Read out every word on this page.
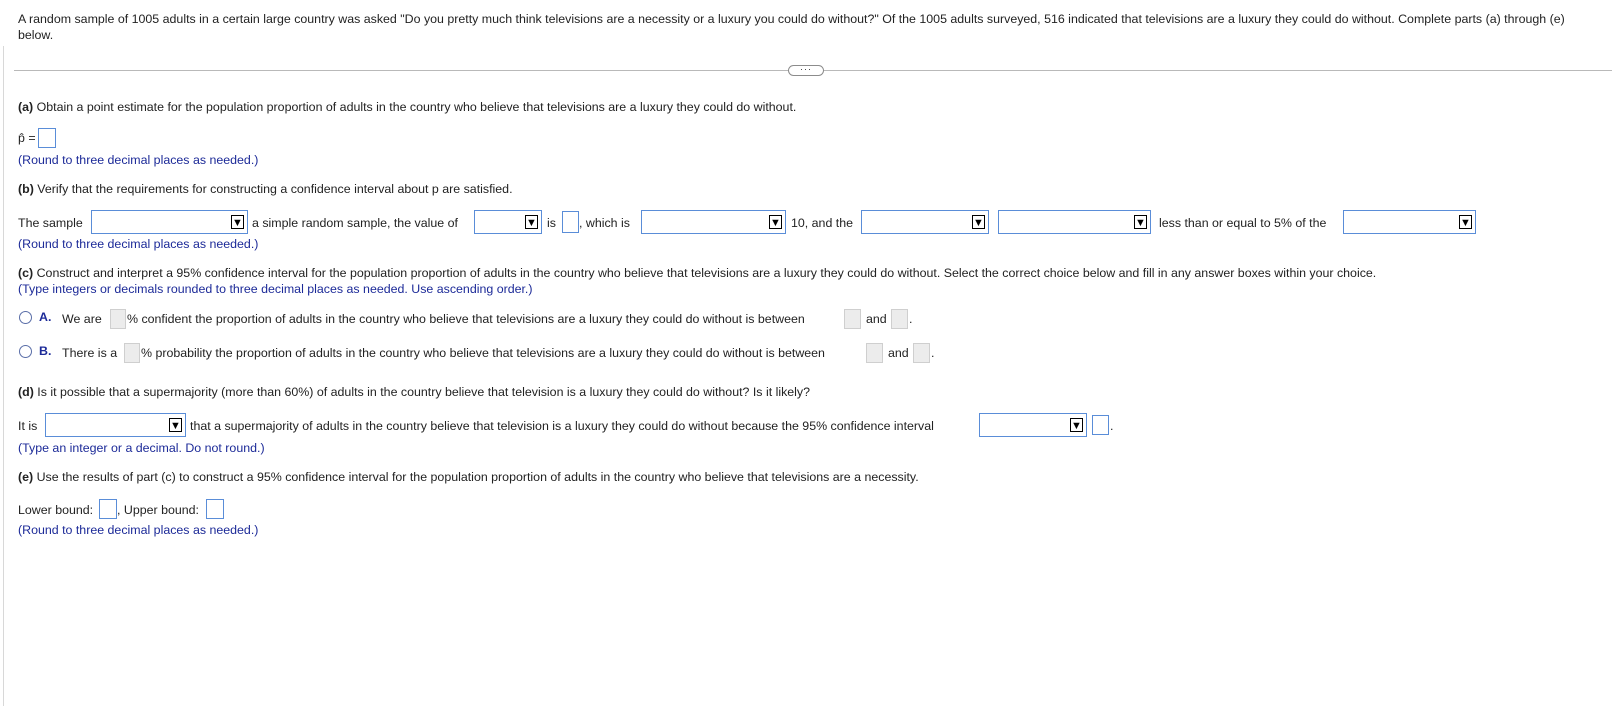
A random sample of 1005 adults in a certain large country was asked "Do you pretty much think televisions are a necessity or a luxury you could do without?" Of the 1005 adults surveyed, 516 indicated that televisions are a luxury they could do without. Complete parts (a) through (e) below.
···
(a) Obtain a point estimate for the population proportion of adults in the country who believe that televisions are a luxury they could do without.
p̂ =
(Round to three decimal places as needed.)
(b) Verify that the requirements for constructing a confidence interval about p are satisfied.
The sample	▼ a simple random sample, the value of	▼ is , which is	▼ 10, and the	▼	▼ less than or equal to 5% of the	▼
(Round to three decimal places as needed.)
(c) Construct and interpret a 95% confidence interval for the population proportion of adults in the country who believe that televisions are a luxury they could do without. Select the correct choice below and fill in any answer boxes within your choice.
(Type integers or decimals rounded to three decimal places as needed. Use ascending order.)
A. We are % confident the proportion of adults in the country who believe that televisions are a luxury they could do without is between	and .
B. There is a % probability the proportion of adults in the country who believe that televisions are a luxury they could do without is between	and .
(d) Is it possible that a supermajority (more than 60%) of adults in the country believe that television is a luxury they could do without? Is it likely?
It is	▼ that a supermajority of adults in the country believe that television is a luxury they could do without because the 95% confidence interval	▼ .
(Type an integer or a decimal. Do not round.)
(e) Use the results of part (c) to construct a 95% confidence interval for the population proportion of adults in the country who believe that televisions are a necessity.
Lower bound: , Upper bound:
(Round to three decimal places as needed.)
